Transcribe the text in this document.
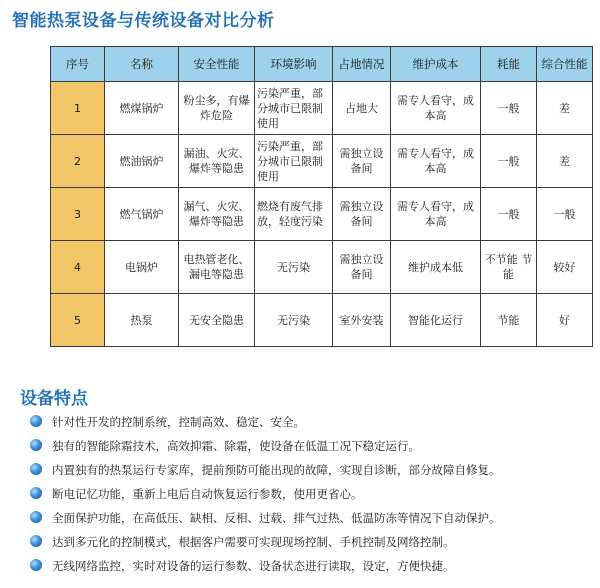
智能热泵设备与传统设备对比分析
序号	名称	安全性能	环境影响	占地情况	维护成本	耗能	综合性能
1	燃煤锅炉	粉尘多，有爆炸危险	污染严重，部分城市已限制使用	占地大	需专人看守，成本高	一般	差
2	燃油锅炉	漏油、火灾、爆炸等隐患	污染严重，部分城市已限制使用	需独立设备间	需专人看守，成本高	一般	差
3	燃气锅炉	漏气、火灾、爆炸等隐患	燃烧有废气排放，轻度污染	需独立设备间	需专人看守，成本高	一般	一般
4	电锅炉	电热管老化、漏电等隐患	无污染	需独立设备间	维护成本低	不节能 节能	较好
5	热泵	无安全隐患	无污染	室外安装	智能化运行	节能	好
设备特点
针对性开发的控制系统，控制高效、稳定、安全。
独有的智能除霜技术，高效抑霜、除霜，使设备在低温工况下稳定运行。
内置独有的热泵运行专家库，提前预防可能出现的故障，实现自诊断，部分故障自修复。
断电记忆功能，重新上电后自动恢复运行参数，使用更省心。
全面保护功能，在高低压、缺相、反相、过载、排气过热、低温防冻等情况下自动保护。
达到多元化的控制模式，根据客户需要可实现现场控制、手机控制及网络控制。
无线网络监控，实时对设备的运行参数、设备状态进行读取，设定，方便快捷。
